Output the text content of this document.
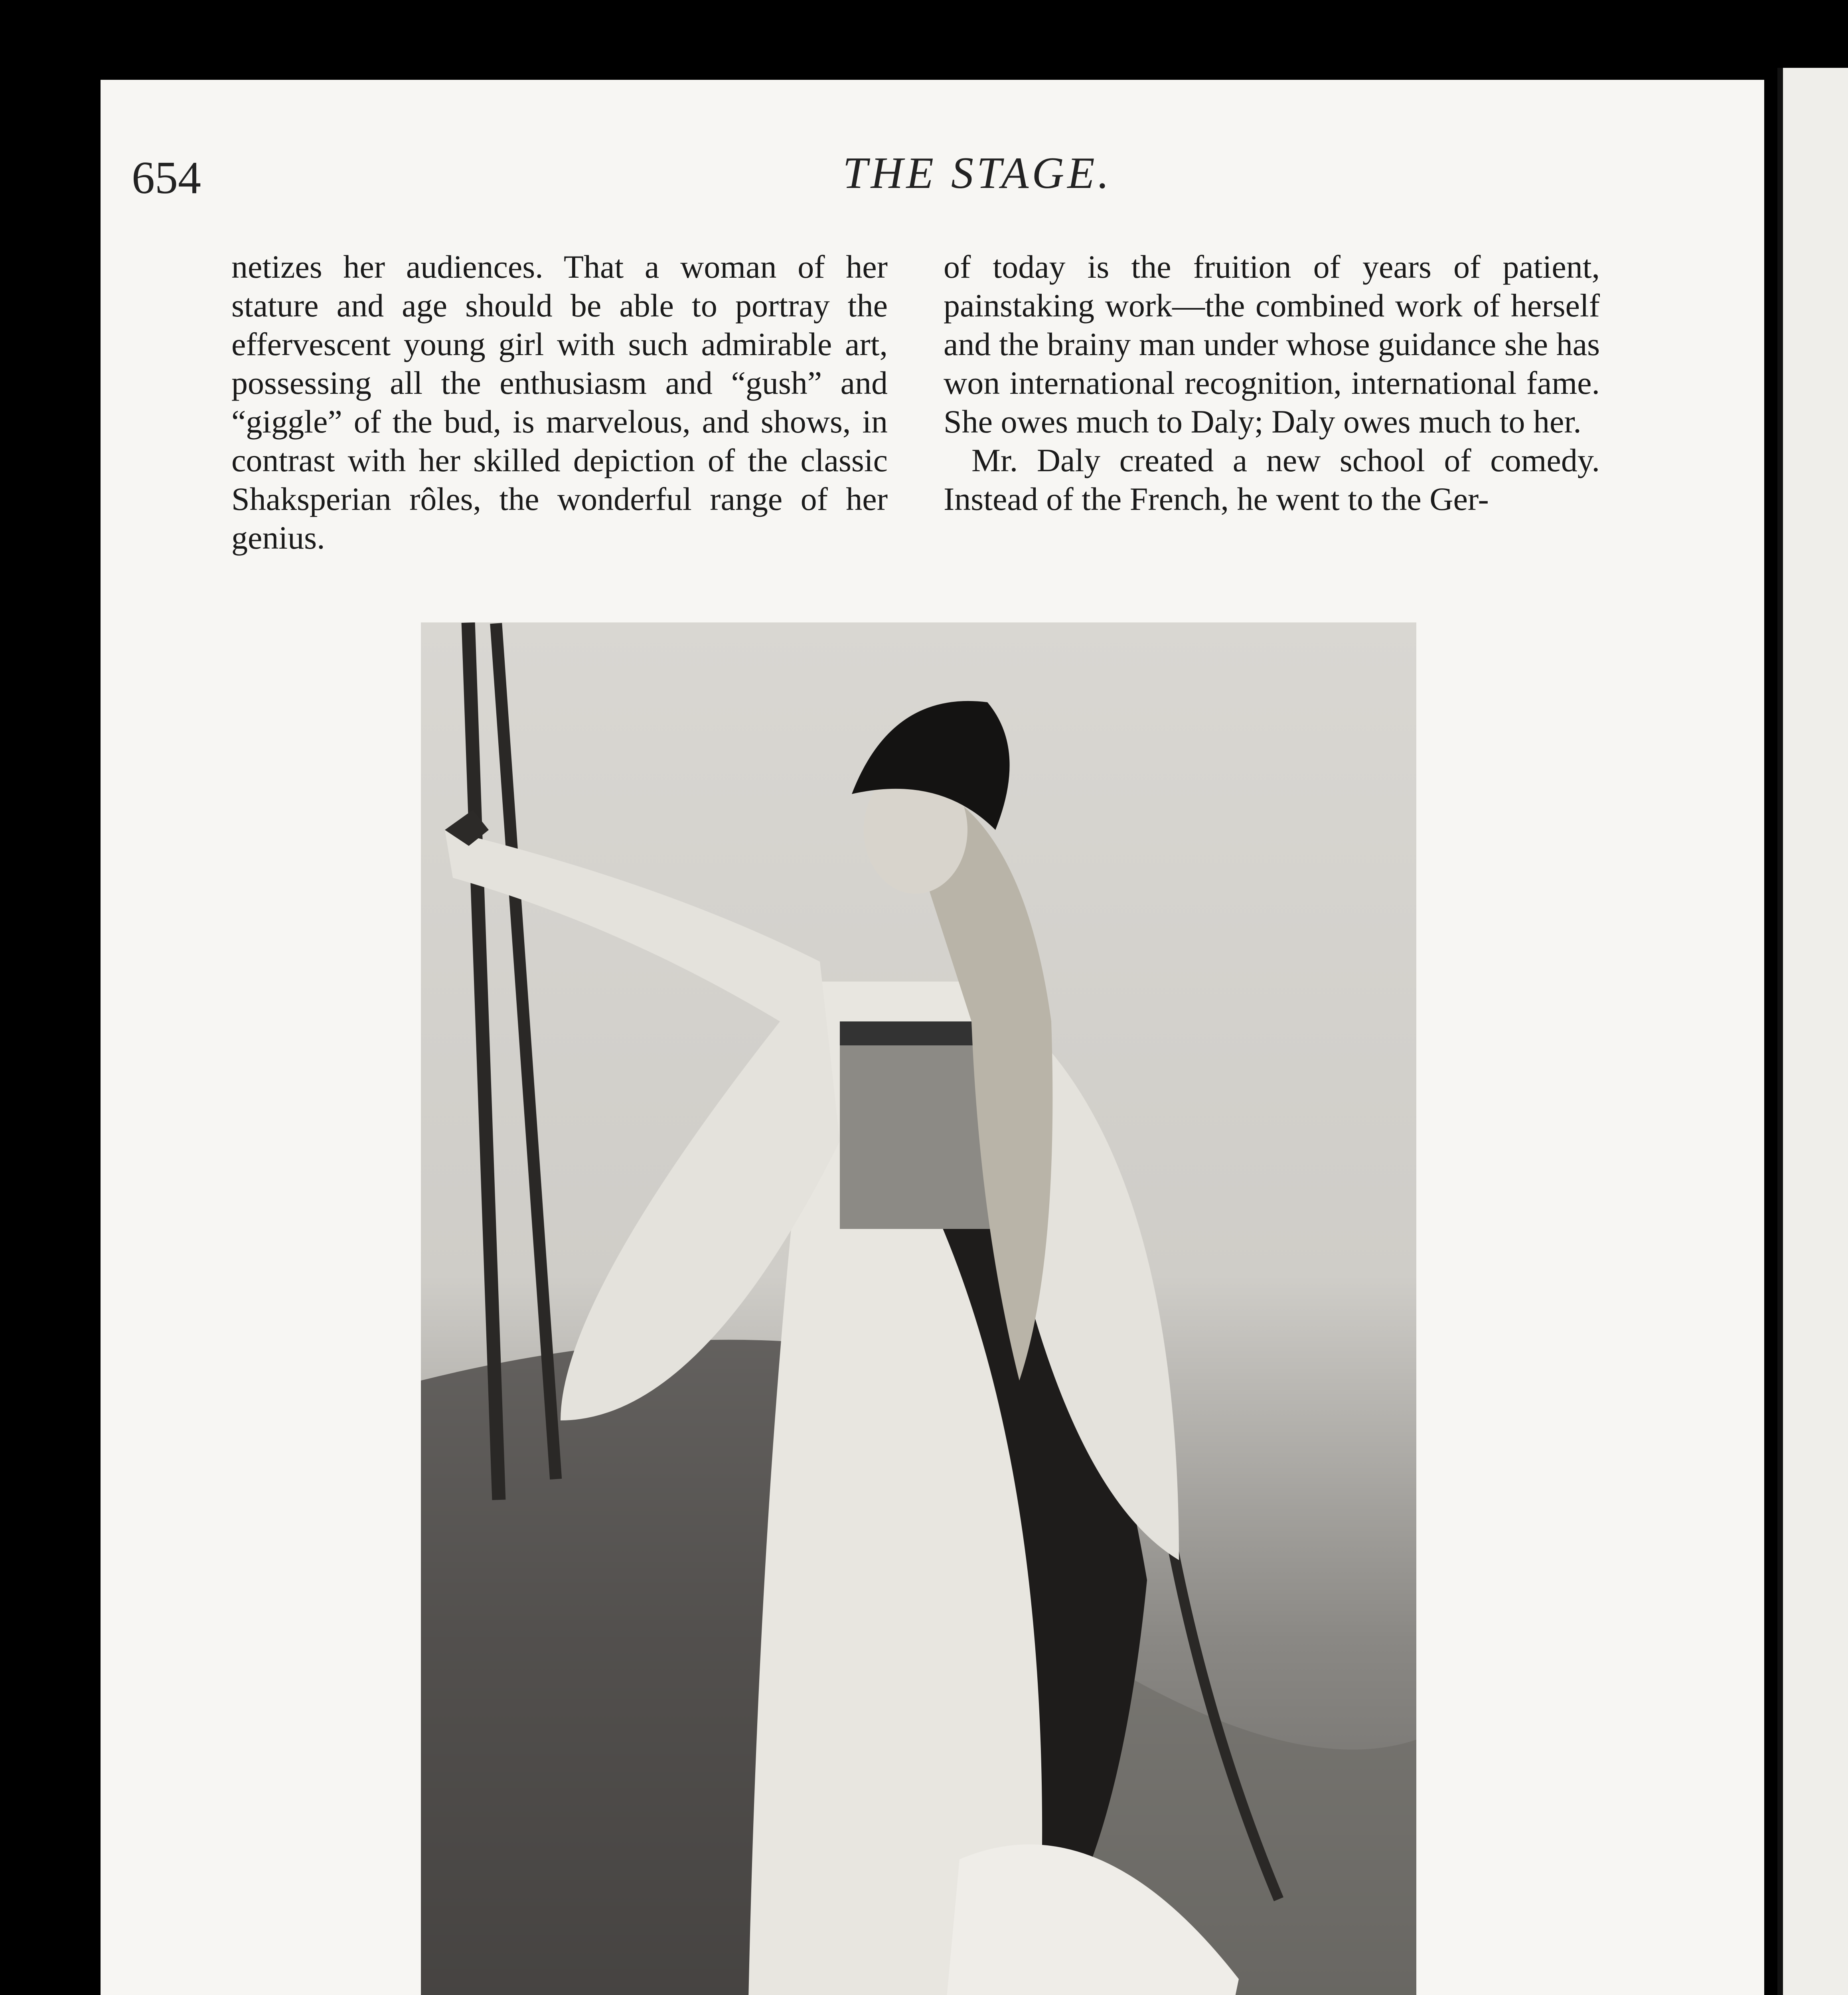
654	THE STAGE.

netizes her audiences. That a woman of her stature and age should be able to portray the effervescent young girl with such admirable art, possessing all the enthusiasm and “gush” and “giggle” of the bud, is marvelous, and shows, in contrast with her skilled depiction of the classic Shaksperian rôles, the wonderful range of her genius.

of today is the fruition of years of patient, painstaking work—the combined work of herself and the brainy man under whose guidance she has won international recognition, international fame. She owes much to Daly; Daly owes much to her.

Mr. Daly created a new school of comedy. Instead of the French, he went to the Ger-
